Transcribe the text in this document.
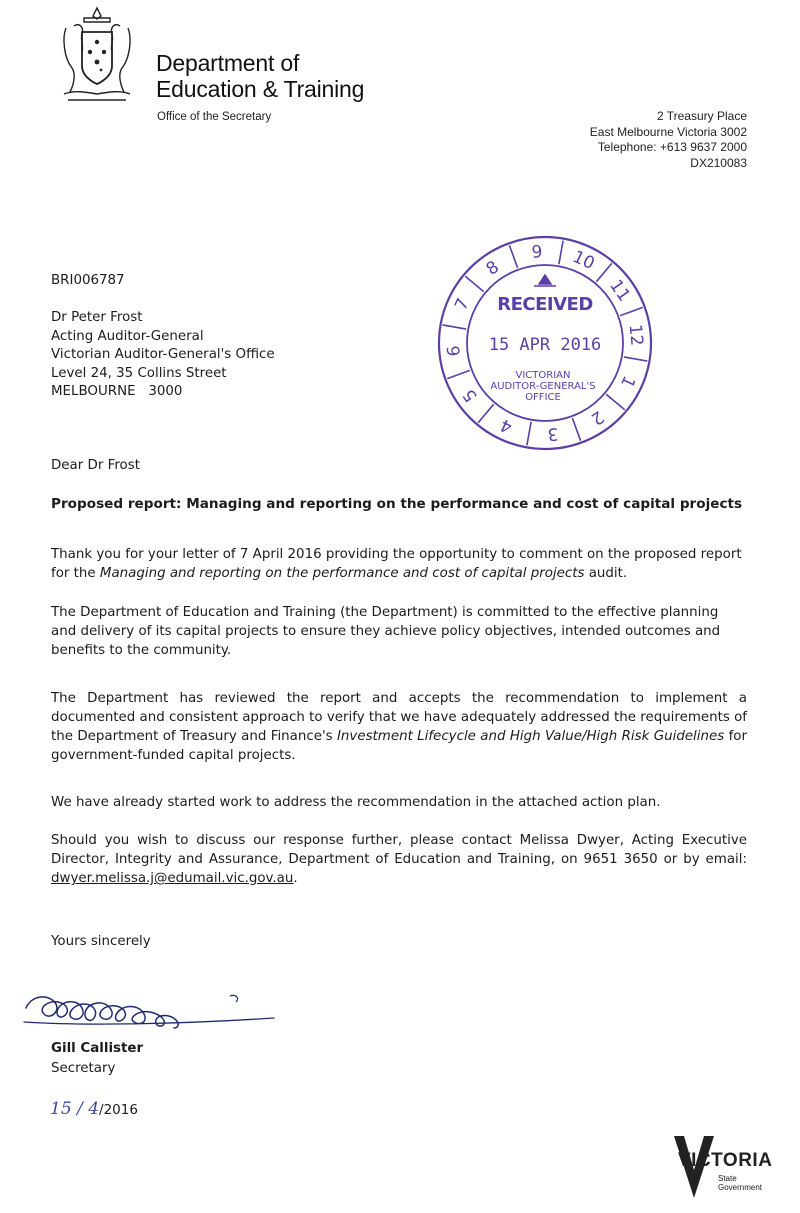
Department of
Education & Training
Office of the Secretary	2 Treasury Place
East Melbourne Victoria 3002
Telephone: +613 9637 2000
DX210083
BRI006787
Dr Peter Frost
Acting Auditor-General
Victorian Auditor-General's Office
Level 24, 35 Collins Street
MELBOURNE   3000
9 10
11
12
1
2
3
4
5
6
7
8
RECEIVED
15 APR 2016
VICTORIAN
AUDITOR-GENERAL'S
OFFICE
Dear Dr Frost
Proposed report: Managing and reporting on the performance and cost of capital projects
Thank you for your letter of 7 April 2016 providing the opportunity to comment on the proposed report for the Managing and reporting on the performance and cost of capital projects audit.
The Department of Education and Training (the Department) is committed to the effective planning and delivery of its capital projects to ensure they achieve policy objectives, intended outcomes and benefits to the community.
The Department has reviewed the report and accepts the recommendation to implement a documented and consistent approach to verify that we have adequately addressed the requirements of the Department of Treasury and Finance's Investment Lifecycle and High Value/High Risk Guidelines for government-funded capital projects.
We have already started work to address the recommendation in the attached action plan.
Should you wish to discuss our response further, please contact Melissa Dwyer, Acting Executive Director, Integrity and Assurance, Department of Education and Training, on 9651 3650 or by email: dwyer.melissa.j@edumail.vic.gov.au.
Yours sincerely
Gill Callister
Secretary
15 / 4/2016
VICTORIA
State
Government
